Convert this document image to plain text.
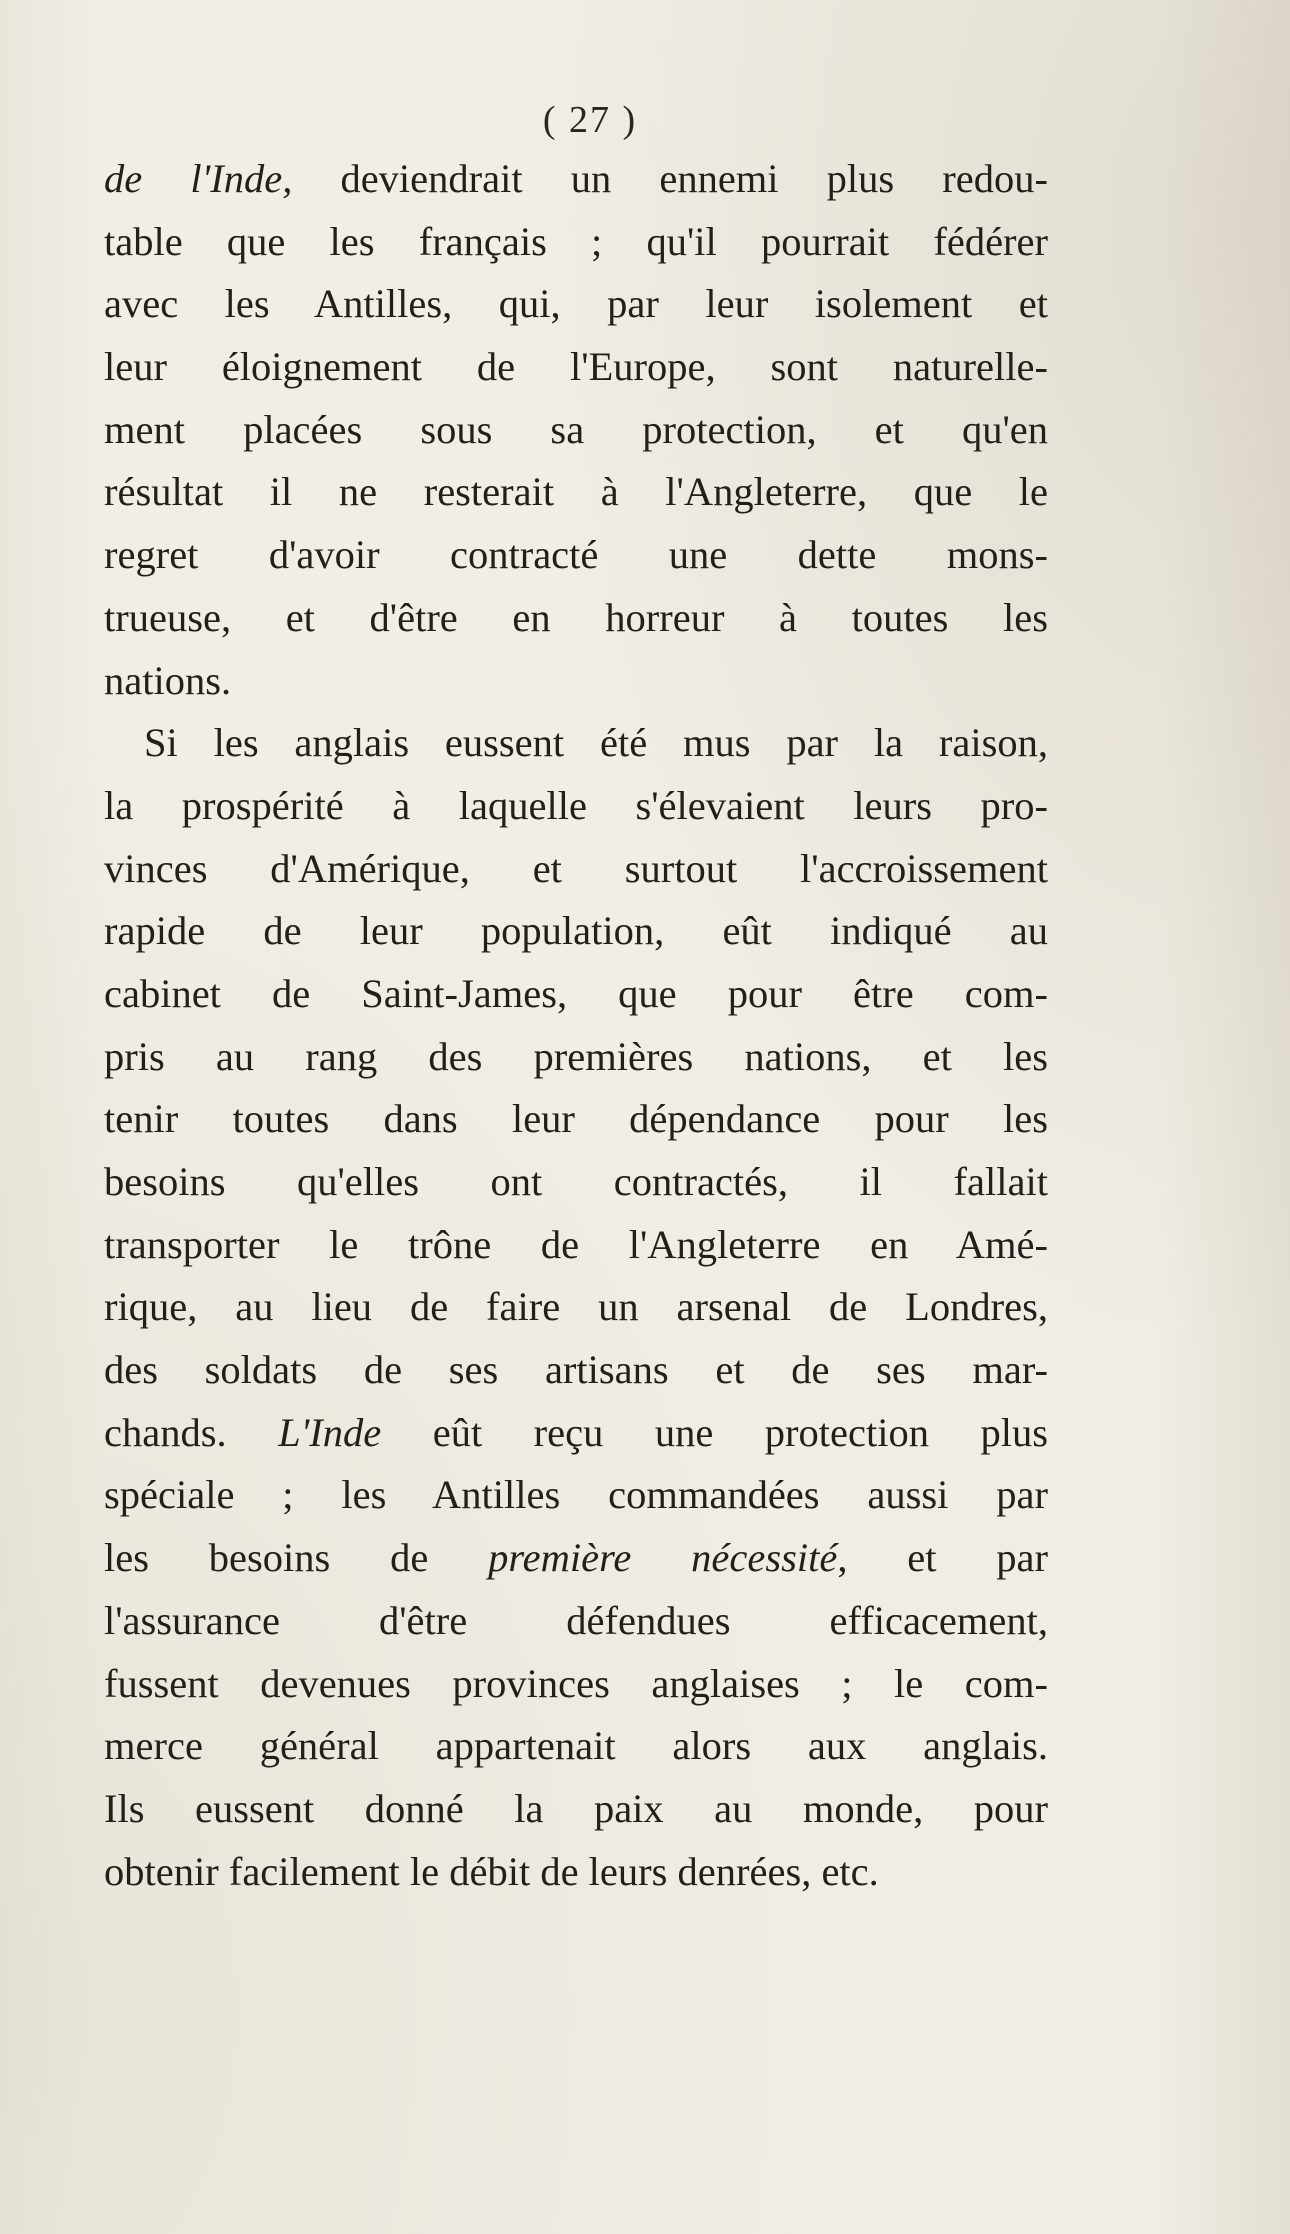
( 27 )
de l'Inde, deviendrait un ennemi plus redou-
table que les français ; qu'il pourrait fédérer
avec les Antilles, qui, par leur isolement et
leur éloignement de l'Europe, sont naturelle-
ment placées sous sa protection, et qu'en
résultat il ne resterait à l'Angleterre, que le
regret d'avoir contracté une dette mons-
trueuse, et d'être en horreur à toutes les
nations.
Si les anglais eussent été mus par la raison,
la prospérité à laquelle s'élevaient leurs pro-
vinces d'Amérique, et surtout l'accroissement
rapide de leur population, eût indiqué au
cabinet de Saint-James, que pour être com-
pris au rang des premières nations, et les
tenir toutes dans leur dépendance pour les
besoins qu'elles ont contractés, il fallait
transporter le trône de l'Angleterre en Amé-
rique, au lieu de faire un arsenal de Londres,
des soldats de ses artisans et de ses mar-
chands. L'Inde eût reçu une protection plus
spéciale ; les Antilles commandées aussi par
les besoins de première nécessité, et par
l'assurance d'être défendues efficacement,
fussent devenues provinces anglaises ; le com-
merce général appartenait alors aux anglais.
Ils eussent donné la paix au monde, pour
obtenir facilement le débit de leurs denrées, etc.
